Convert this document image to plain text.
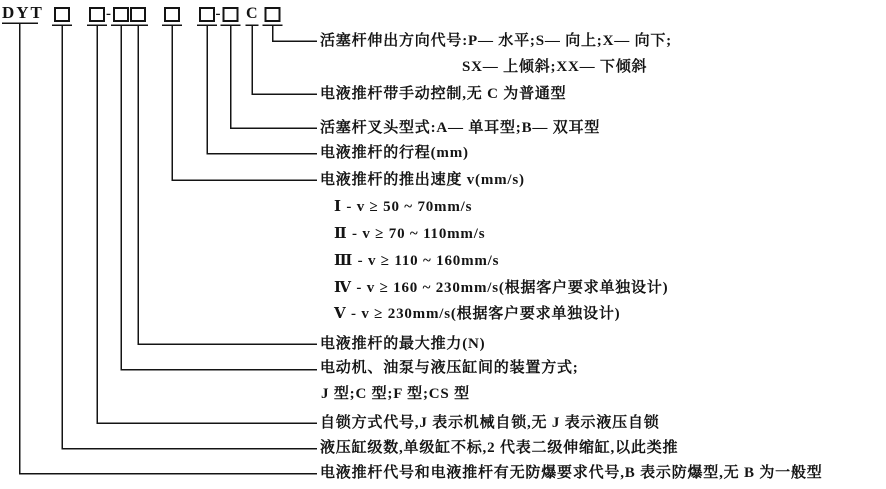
DYT	-	- C
活塞杆伸出方向代号:P— 水平;S— 向上;X— 向下;
SX— 上倾斜;XX— 下倾斜
电液推杆带手动控制,无 C 为普通型
活塞杆叉头型式:A— 单耳型;B— 双耳型
电液推杆的行程(mm)
电液推杆的推出速度 v(mm/s)
Ⅰ - v ≥ 50 ~ 70mm/s
Ⅱ - v ≥ 70 ~ 110mm/s
Ⅲ - v ≥ 110 ~ 160mm/s
Ⅳ - v ≥ 160 ~ 230mm/s(根据客户要求单独设计)
Ⅴ - v ≥ 230mm/s(根据客户要求单独设计)
电液推杆的最大推力(N)
电动机、油泵与液压缸间的装置方式;
J 型;C 型;F 型;CS 型
自锁方式代号,J 表示机械自锁,无 J 表示液压自锁
液压缸级数,单级缸不标,2 代表二级伸缩缸,以此类推
电液推杆代号和电液推杆有无防爆要求代号,B 表示防爆型,无 B 为一般型
